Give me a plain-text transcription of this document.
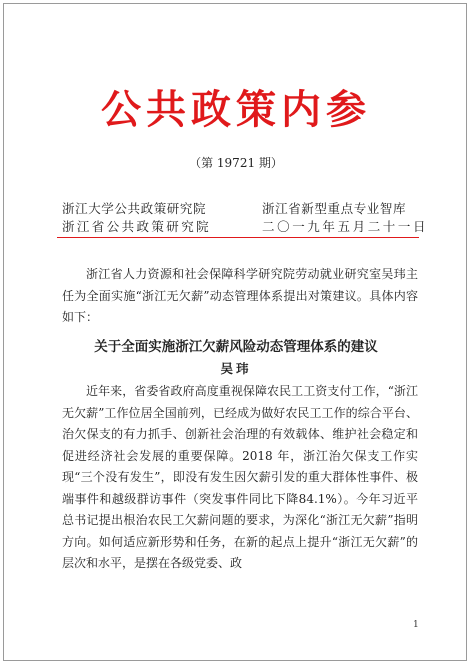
公共政策内参
（第 19721 期）
浙江大学公共政策研究院
浙江省公共政策研究院
浙江省新型重点专业智库
二〇一九年五月二十一日
浙江省人力资源和社会保障科学研究院劳动就业研究室吴玮主任为全面实施“浙江无欠薪”动态管理体系提出对策建议。具体内容如下：
关于全面实施浙江欠薪风险动态管理体系的建议
吴玮
近年来，省委省政府高度重视保障农民工工资支付工作，“浙江无欠薪”工作位居全国前列，已经成为做好农民工工作的综合平台、治欠保支的有力抓手、创新社会治理的有效载体、维护社会稳定和促进经济社会发展的重要保障。2018 年，浙江治欠保支工作实现“三个没有发生”，即没有发生因欠薪引发的重大群体性事件、极端事件和越级群访事件（突发事件同比下降84.1%）。今年习近平总书记提出根治农民工欠薪问题的要求，为深化“浙江无欠薪”指明方向。如何适应新形势和任务，在新的起点上提升“浙江无欠薪”的层次和水平，是摆在各级党委、政
1
